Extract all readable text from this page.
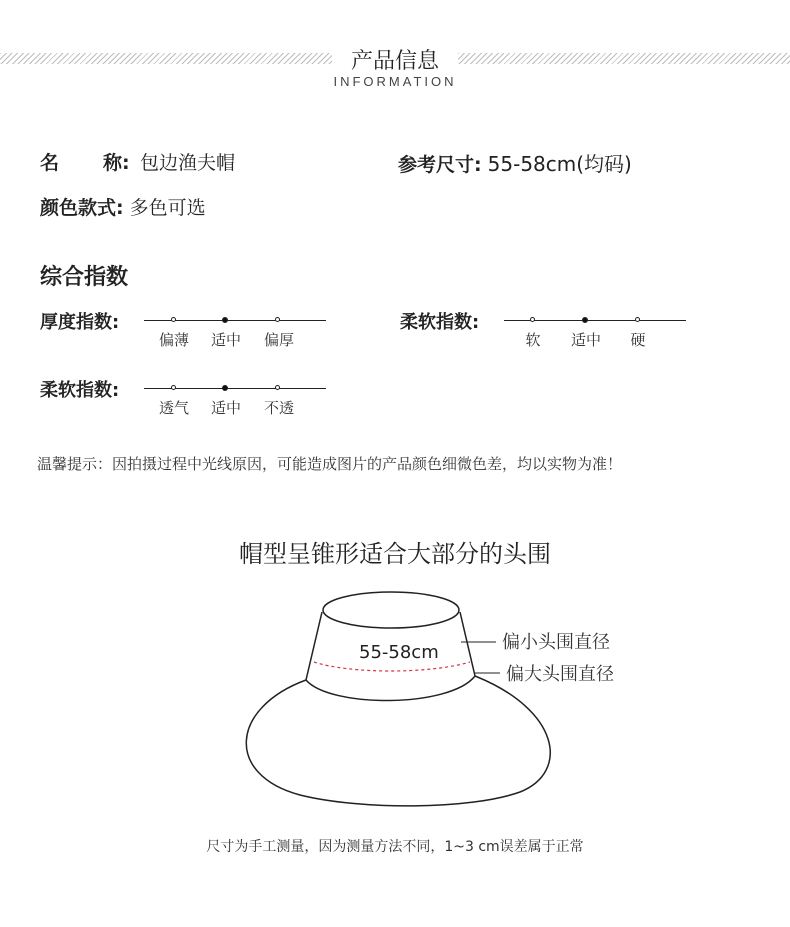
产品信息
INFORMATION
名 称: 包边渔夫帽	参考尺寸: 55-58cm(均码)
颜色款式: 多色可选
综合指数
厚度指数:
偏薄 适中 偏厚
柔软指数:
软 适中 硬
柔软指数:
透气 适中 不透
温馨提示：因拍摄过程中光线原因，可能造成图片的产品颜色细微色差，均以实物为准！
帽型呈锥形适合大部分的头围
55-58cm	偏小头围直径
偏大头围直径
尺寸为手工测量，因为测量方法不同，1~3 cm误差属于正常
